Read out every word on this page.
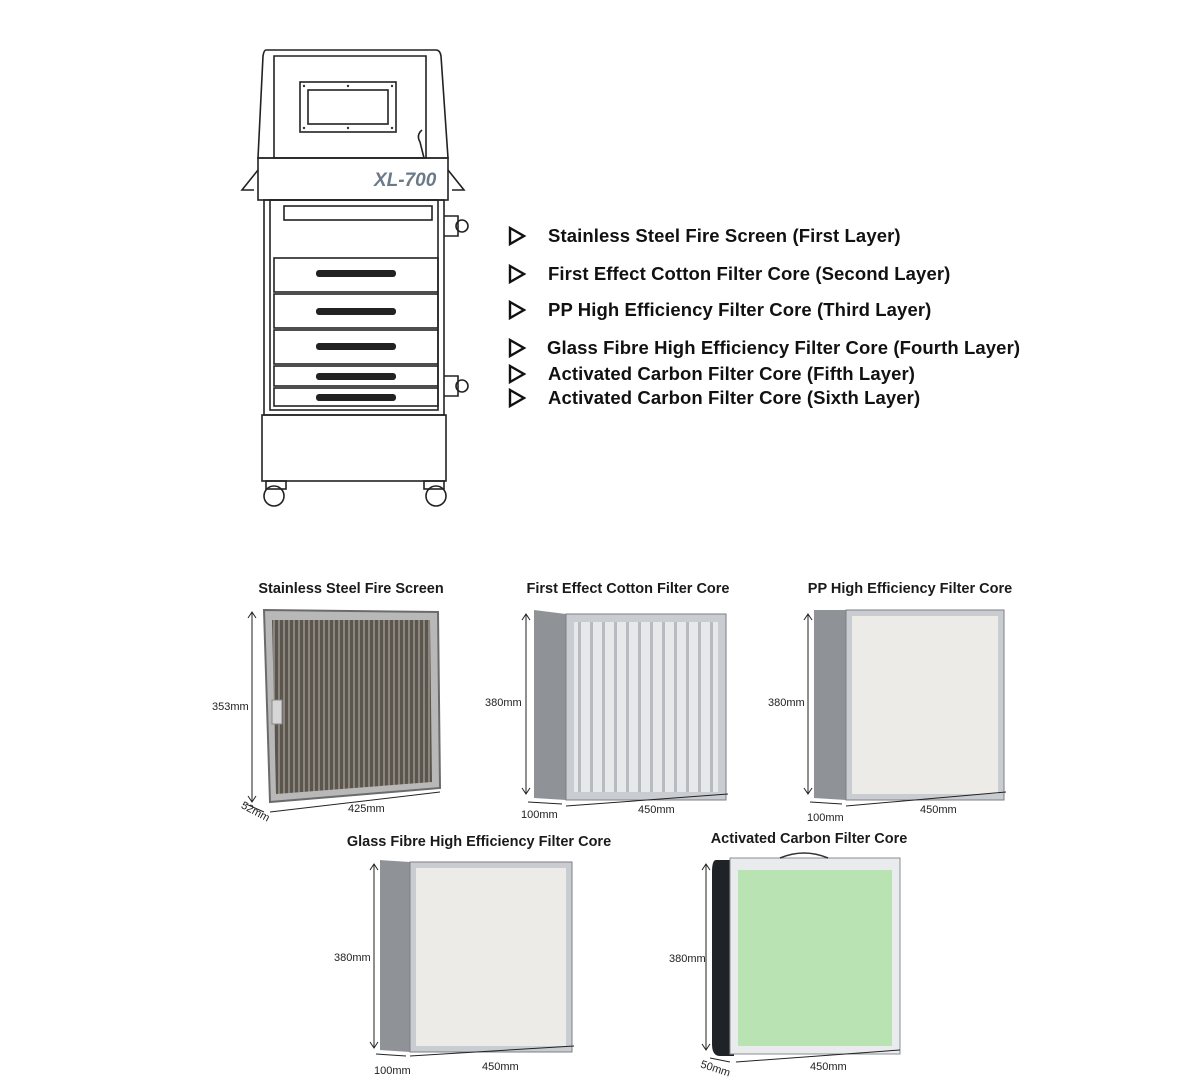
XL-700
Stainless Steel Fire Screen (First Layer)
First Effect Cotton Filter Core (Second Layer)
PP High Efficiency Filter Core (Third Layer)
Glass Fibre High Efficiency Filter Core (Fourth Layer)
Activated Carbon Filter Core (Fifth Layer)
Activated Carbon Filter Core (Sixth Layer)
Stainless Steel Fire Screen
353mm
425mm
52mm
First Effect Cotton Filter Core
380mm
450mm
100mm
PP High Efficiency Filter Core
380mm
450mm
100mm
Glass Fibre High Efficiency Filter Core
380mm
450mm
100mm
Activated Carbon Filter Core
380mm
450mm
50mm
